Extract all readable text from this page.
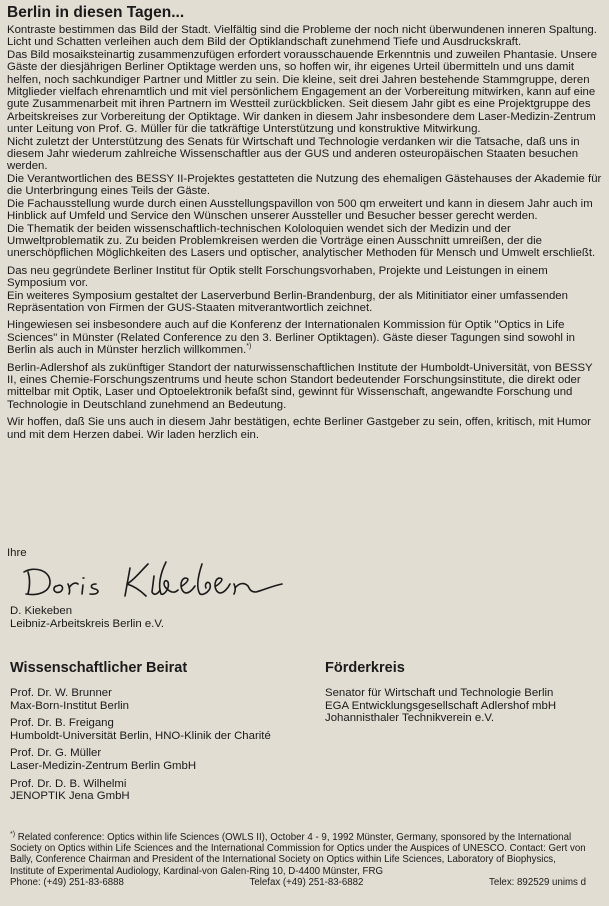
Berlin in diesen Tagen...

Kontraste bestimmen das Bild der Stadt. Vielfältig sind die Probleme der noch nicht überwundenen inneren Spaltung. Licht und Schatten verleihen auch dem Bild der Optiklandschaft zunehmend Tiefe und Ausdruckskraft.

Das Bild mosaiksteinartig zusammenzufügen erfordert vorausschauende Erkenntnis und zuweilen Phantasie. Unsere Gäste der diesjährigen Berliner Optiktage werden uns, so hoffen wir, ihr eigenes Urteil übermitteln und uns damit helfen, noch sachkundiger Partner und Mittler zu sein. Die kleine, seit drei Jahren bestehende Stammgruppe, deren Mitglieder vielfach ehrenamtlich und mit viel persönlichem Engagement an der Vorbereitung mitwirken, kann auf eine gute Zusammenarbeit mit ihren Partnern im Westteil zurückblicken. Seit diesem Jahr gibt es eine Projektgruppe des Arbeitskreises zur Vorbereitung der Optiktage. Wir danken in diesem Jahr insbesondere dem Laser-Medizin-Zentrum unter Leitung von Prof. G. Müller für die tatkräftige Unterstützung und konstruktive Mitwirkung.

Nicht zuletzt der Unterstützung des Senats für Wirtschaft und Technologie verdanken wir die Tatsache, daß uns in diesem Jahr wiederum zahlreiche Wissenschaftler aus der GUS und anderen osteuropäischen Staaten besuchen werden.

Die Verantwortlichen des BESSY II-Projektes gestatteten die Nutzung des ehemaligen Gästehauses der Akademie für die Unterbringung eines Teils der Gäste.

Die Fachausstellung wurde durch einen Ausstellungspavillon von 500 qm erweitert und kann in diesem Jahr auch im Hinblick auf Umfeld und Service den Wünschen unserer Aussteller und Besucher besser gerecht werden.

Die Thematik der beiden wissenschaftlich-technischen Kololoquien wendet sich der Medizin und der Umweltproblematik zu. Zu beiden Problemkreisen werden die Vorträge einen Ausschnitt umreißen, der die unerschöpflichen Möglichkeiten des Lasers und optischer, analytischer Methoden für Mensch und Umwelt erschließt.

Das neu gegründete Berliner Institut für Optik stellt Forschungsvorhaben, Projekte und Leistungen in einem Symposium vor.

Ein weiteres Symposium gestaltet der Laserverbund Berlin-Brandenburg, der als Mitinitiator einer umfassenden Repräsentation von Firmen der GUS-Staaten mitverantwortlich zeichnet.

Hingewiesen sei insbesondere auch auf die Konferenz der Internationalen Kommission für Optik "Optics in Life Sciences" in Münster (Related Conference zu den 3. Berliner Optiktagen). Gäste dieser Tagungen sind sowohl in Berlin als auch in Münster herzlich willkommen.*)

Berlin-Adlershof als zukünftiger Standort der naturwissenschaftlichen Institute der Humboldt-Universität, von BESSY II, eines Chemie-Forschungszentrums und heute schon Standort bedeutender Forschungsinstitute, die direkt oder mittelbar mit Optik, Laser und Optoelektronik befaßt sind, gewinnt für Wissenschaft, angewandte Forschung und Technologie in Deutschland zunehmend an Bedeutung.

Wir hoffen, daß Sie uns auch in diesem Jahr bestätigen, echte Berliner Gastgeber zu sein, offen, kritisch, mit Humor und mit dem Herzen dabei. Wir laden herzlich ein.

Ihre
D. Kiekeben
Leibniz-Arbeitskreis Berlin e.V.
Wissenschaftlicher Beirat	Förderkreis
Prof. Dr. W. Brunner
Max-Born-Institut Berlin
Prof. Dr. B. Freigang
Humboldt-Universität Berlin, HNO-Klinik der Charité
Prof. Dr. G. Müller
Laser-Medizin-Zentrum Berlin GmbH
Prof. Dr. D. B. Wilhelmi
JENOPTIK Jena GmbH
Senator für Wirtschaft und Technologie Berlin
EGA Entwicklungsgesellschaft Adlershof mbH
Johannisthaler Technikverein e.V.
*) Related conference: Optics within life Sciences (OWLS II), October 4 - 9, 1992 Münster, Germany, sponsored by the International Society on Optics within Life Sciences and the International Commission for Optics under the Auspices of UNESCO. Contact: Gert von Bally, Conference Chairman and President of the International Society on Optics within Life Sciences, Laboratory of Biophysics, Institute of Experimental Audiology, Kardinal-von Galen-Ring 10, D-4400 Münster, FRG
Phone: (+49) 251-83-6888	Telefax (+49) 251-83-6882	Telex: 892529 unims d
